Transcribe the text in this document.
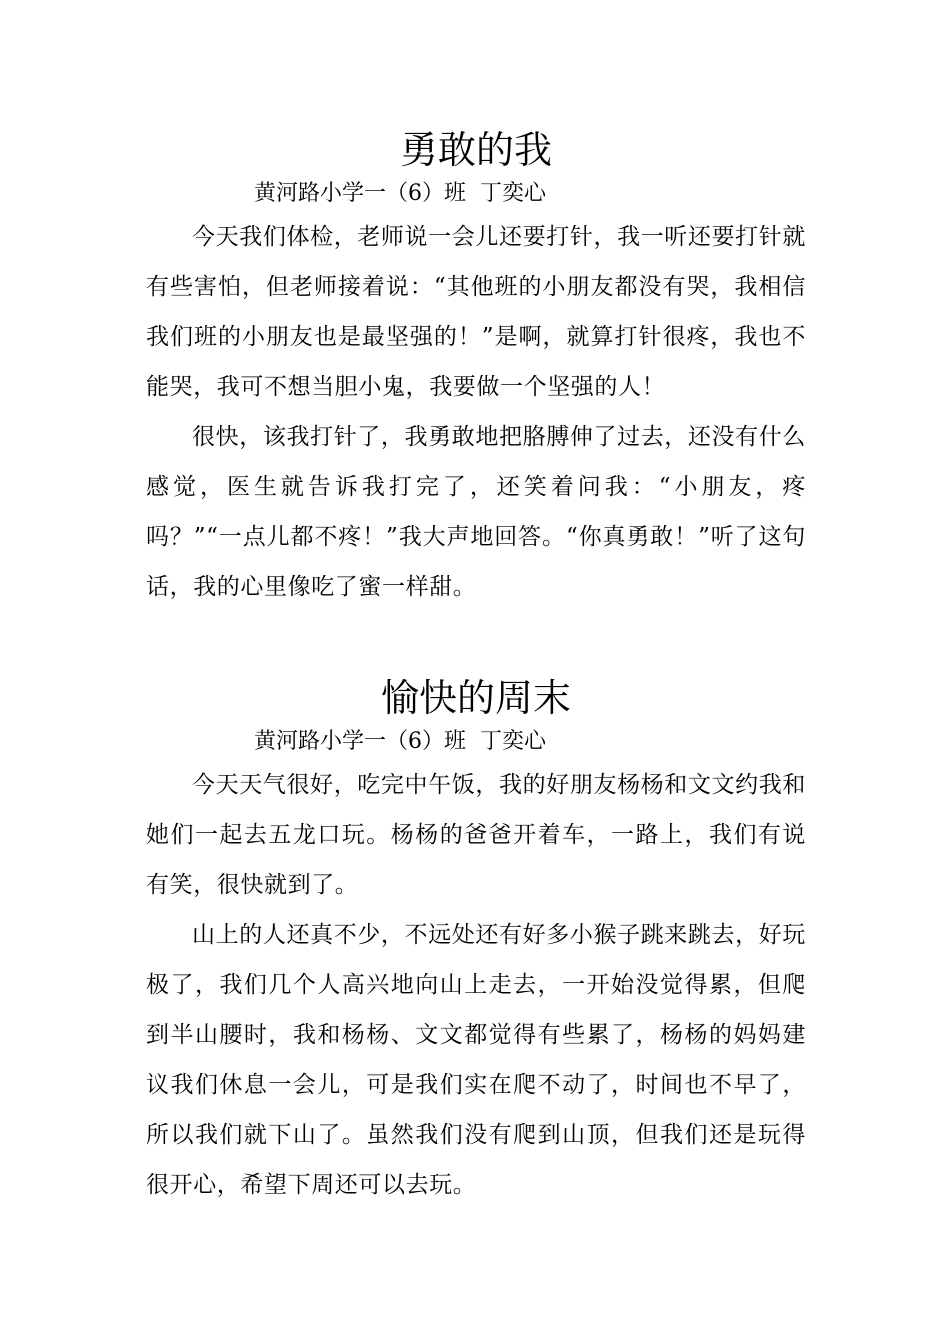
勇敢的我

黄河路小学一（6）班  丁奕心

今天我们体检，老师说一会儿还要打针，我一听还要打针就有些害怕，但老师接着说：“其他班的小朋友都没有哭，我相信我们班的小朋友也是最坚强的！”是啊，就算打针很疼，我也不能哭，我可不想当胆小鬼，我要做一个坚强的人！

很快，该我打针了，我勇敢地把胳膊伸了过去，还没有什么感觉，医生就告诉我打完了，还笑着问我：“小朋友，疼吗？”“一点儿都不疼！”我大声地回答。“你真勇敢！”听了这句话，我的心里像吃了蜜一样甜。

愉快的周末

黄河路小学一（6）班  丁奕心

今天天气很好，吃完中午饭，我的好朋友杨杨和文文约我和她们一起去五龙口玩。杨杨的爸爸开着车，一路上，我们有说有笑，很快就到了。

山上的人还真不少，不远处还有好多小猴子跳来跳去，好玩极了，我们几个人高兴地向山上走去，一开始没觉得累，但爬到半山腰时，我和杨杨、文文都觉得有些累了，杨杨的妈妈建议我们休息一会儿，可是我们实在爬不动了，时间也不早了，所以我们就下山了。虽然我们没有爬到山顶，但我们还是玩得很开心，希望下周还可以去玩。
